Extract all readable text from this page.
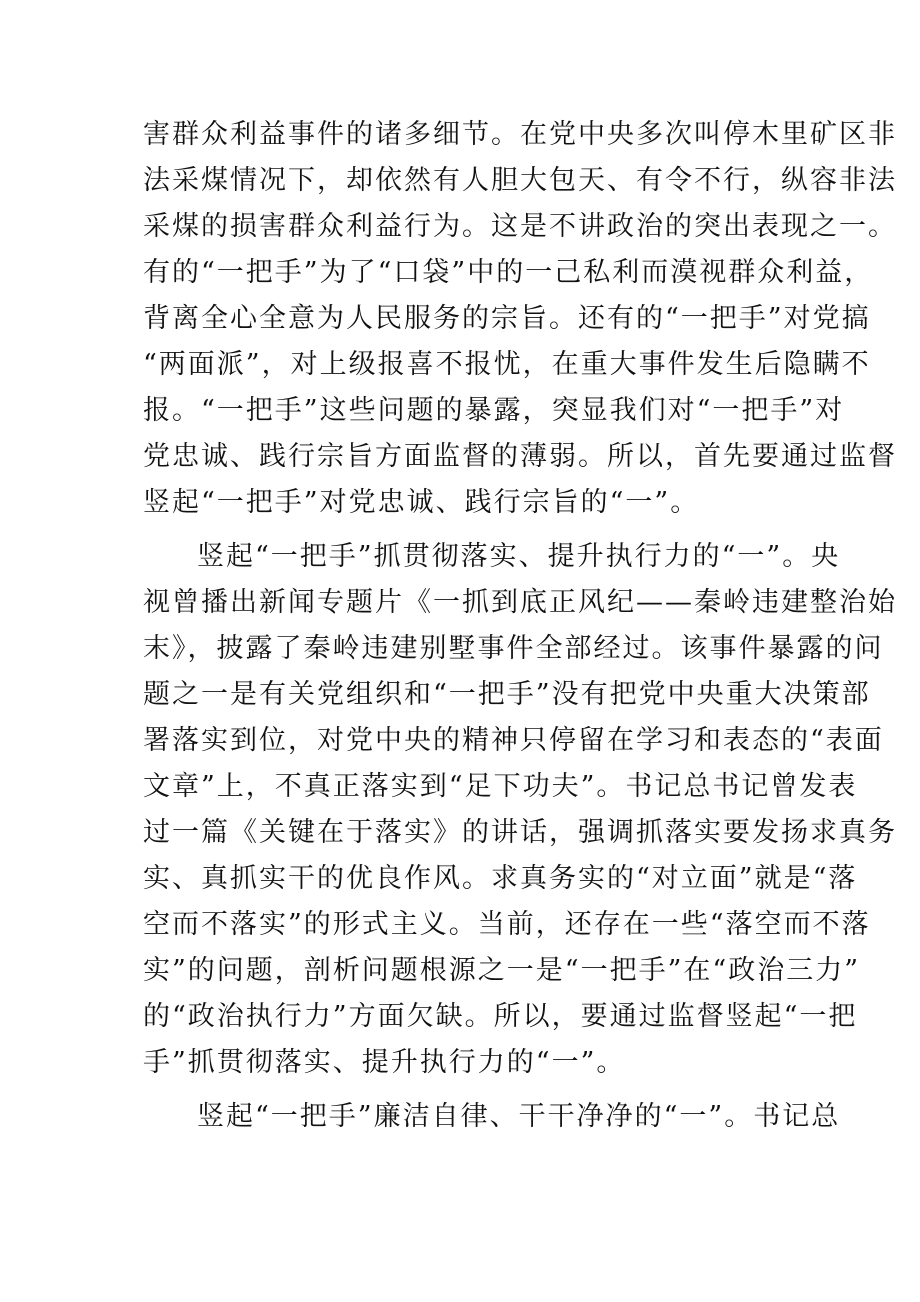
害群众利益事件的诸多细节。在党中央多次叫停木里矿区非
法采煤情况下，却依然有人胆大包天、有令不行，纵容非法
采煤的损害群众利益行为。这是不讲政治的突出表现之一。
有的“一把手”为了“口袋”中的一己私利而漠视群众利益，
背离全心全意为人民服务的宗旨。还有的“一把手”对党搞
“两面派”，对上级报喜不报忧，在重大事件发生后隐瞒不
报。“一把手”这些问题的暴露，突显我们对“一把手”对
党忠诚、践行宗旨方面监督的薄弱。所以，首先要通过监督
竖起“一把手”对党忠诚、践行宗旨的“一”。
竖起“一把手”抓贯彻落实、提升执行力的“一”。央
视曾播出新闻专题片《一抓到底正风纪——秦岭违建整治始
末》，披露了秦岭违建别墅事件全部经过。该事件暴露的问
题之一是有关党组织和“一把手”没有把党中央重大决策部
署落实到位，对党中央的精神只停留在学习和表态的“表面
文章”上，不真正落实到“足下功夫”。书记总书记曾发表
过一篇《关键在于落实》的讲话，强调抓落实要发扬求真务
实、真抓实干的优良作风。求真务实的“对立面”就是“落
空而不落实”的形式主义。当前，还存在一些“落空而不落
实”的问题，剖析问题根源之一是“一把手”在“政治三力”
的“政治执行力”方面欠缺。所以，要通过监督竖起“一把
手”抓贯彻落实、提升执行力的“一”。
竖起“一把手”廉洁自律、干干净净的“一”。书记总
